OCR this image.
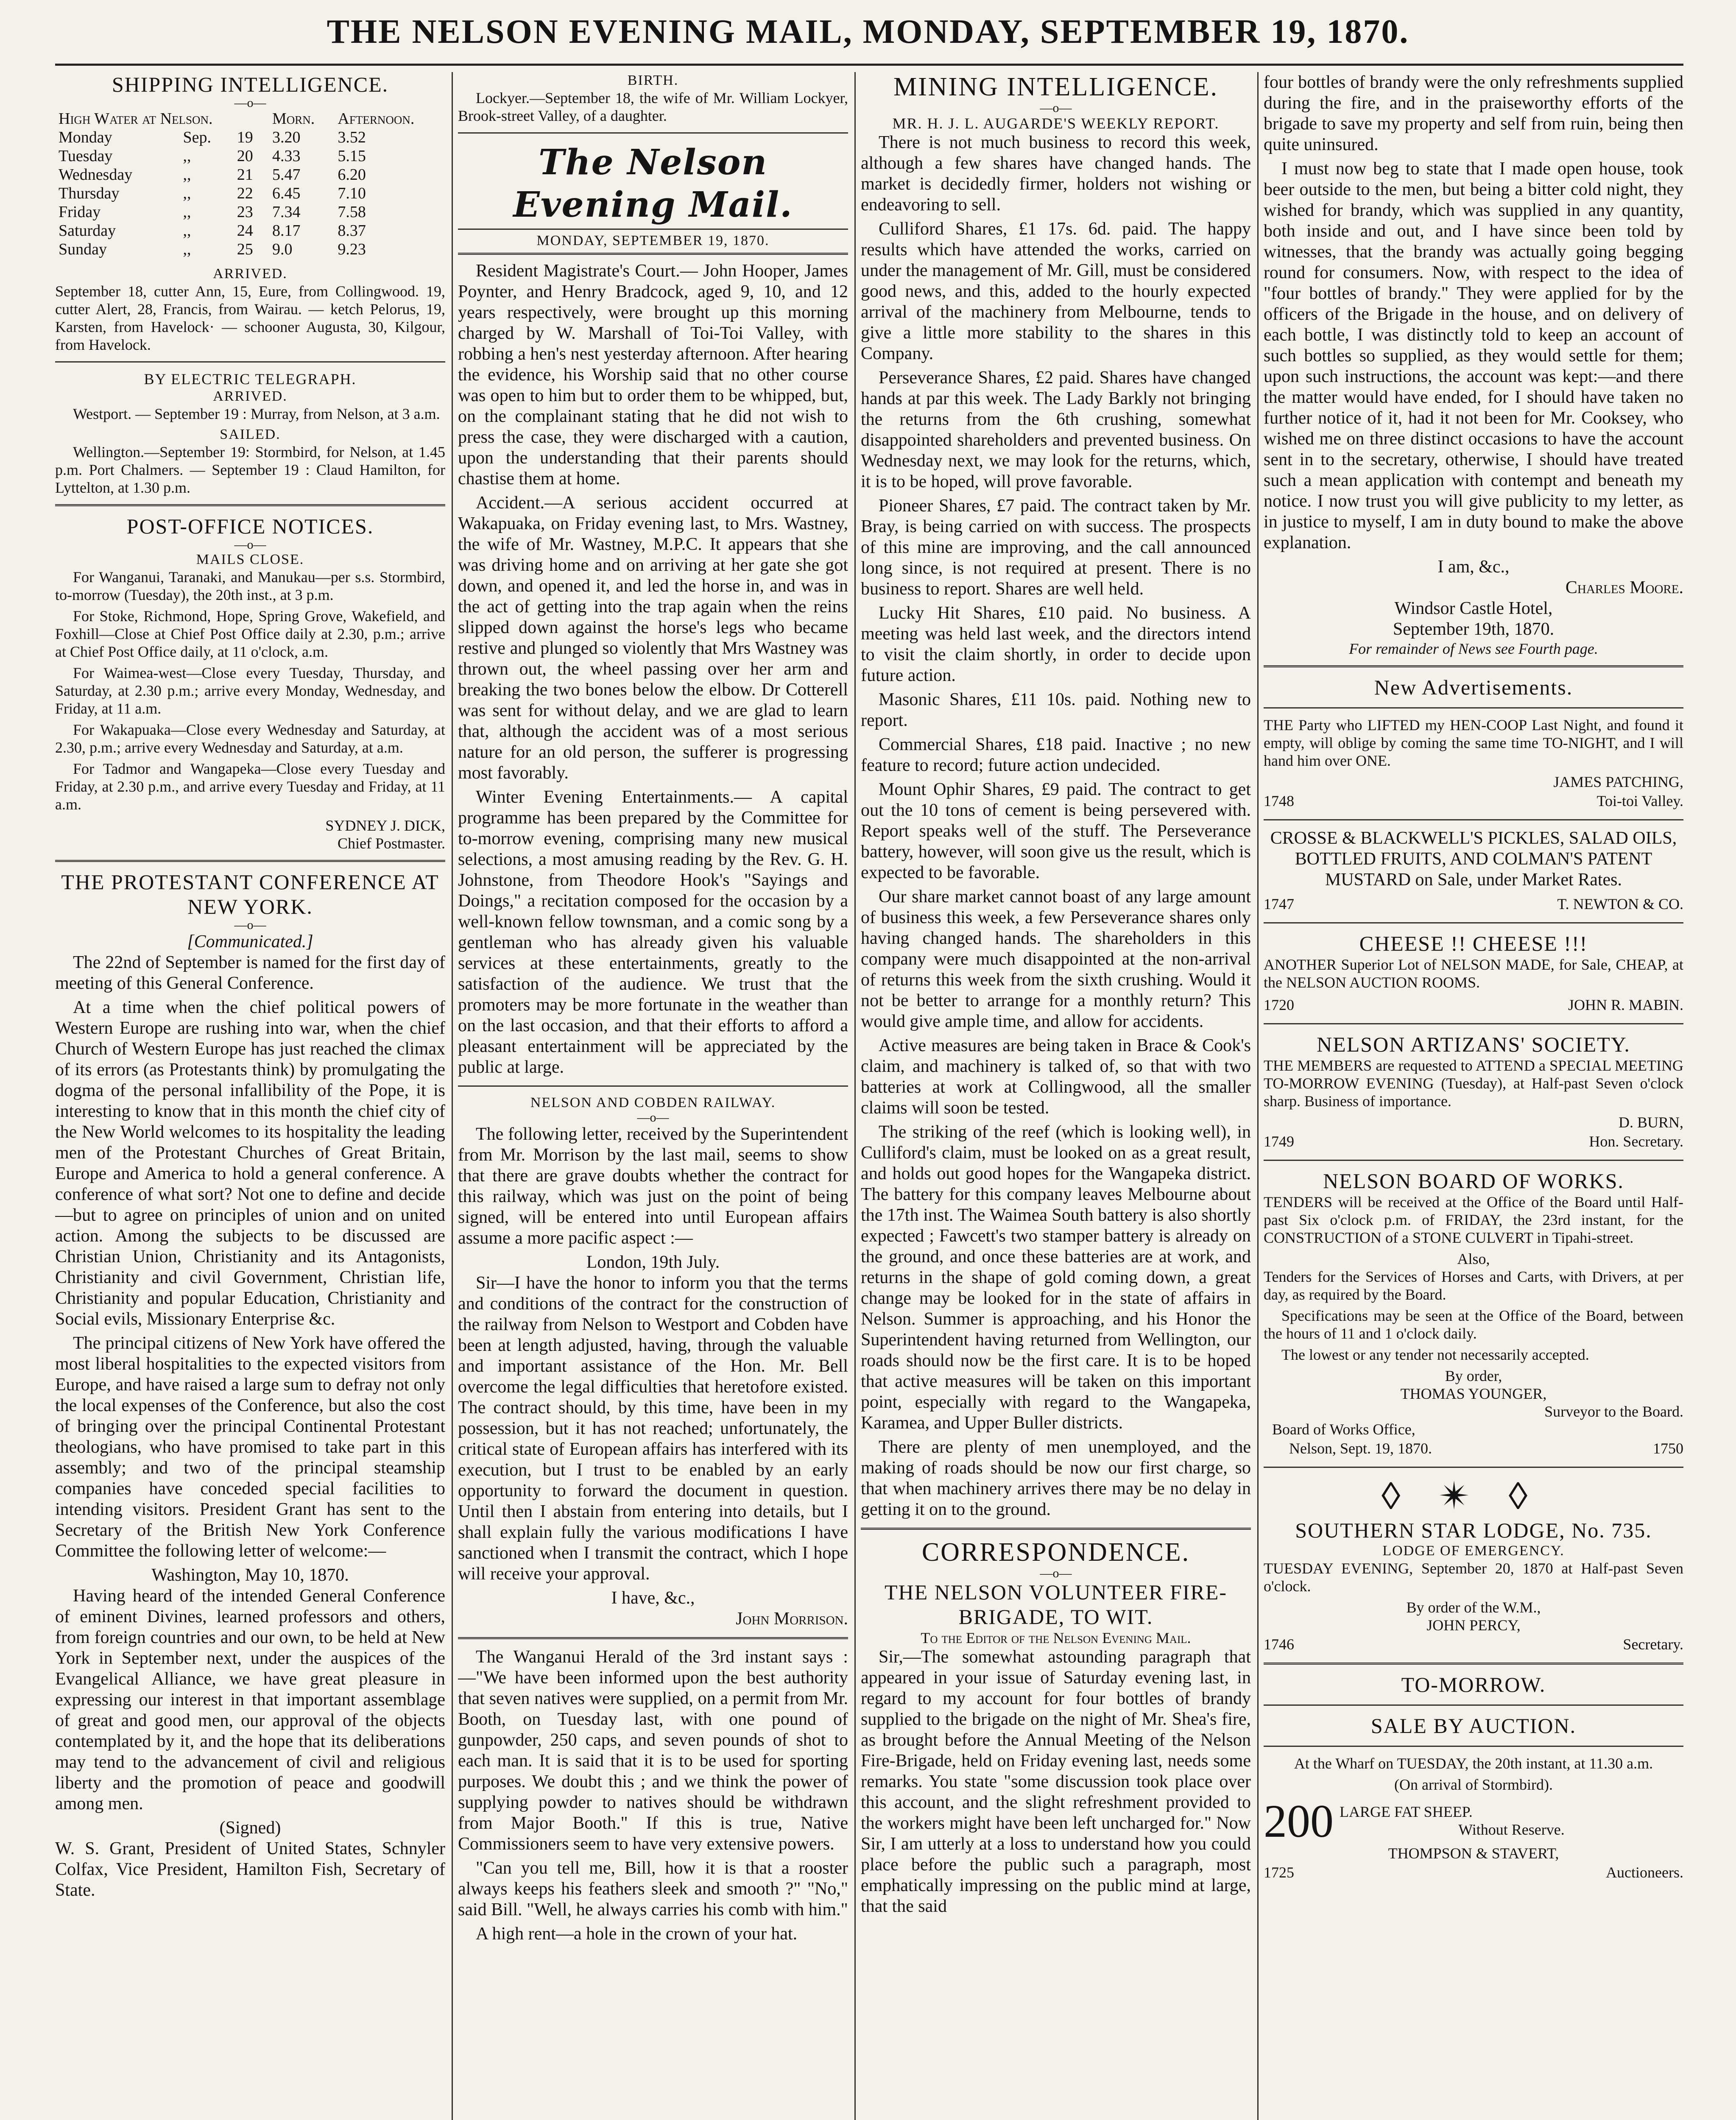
THE NELSON EVENING MAIL, MONDAY, SEPTEMBER 19, 1870.
SHIPPING INTELLIGENCE.
—o—
High Water at Nelson.			Morn.	Afternoon.
Monday	Sep.	19	3.20	3.52
Tuesday	,,	20	4.33	5.15
Wednesday	,,	21	5.47	6.20
Thursday	,,	22	6.45	7.10
Friday	,,	23	7.34	7.58
Saturday	,,	24	8.17	8.37
Sunday	,,	25	9.0	9.23
ARRIVED.

September 18, cutter Ann, 15, Eure, from Collingwood. 19, cutter Alert, 28, Francis, from Wairau. — ketch Pelorus, 19, Karsten, from Havelock· — schooner Augusta, 30, Kilgour, from Havelock.

BY ELECTRIC TELEGRAPH.
ARRIVED.

Westport. — September 19 : Murray, from Nelson, at 3 a.m.

SAILED.

Wellington.—September 19: Stormbird, for Nelson, at 1.45 p.m. Port Chalmers. — September 19 : Claud Hamilton, for Lyttelton, at 1.30 p.m.

POST-OFFICE NOTICES.
—o—
MAILS CLOSE.

For Wanganui, Taranaki, and Manukau—per s.s. Stormbird, to-morrow (Tuesday), the 20th inst., at 3 p.m.

For Stoke, Richmond, Hope, Spring Grove, Wakefield, and Foxhill—Close at Chief Post Office daily at 2.30, p.m.; arrive at Chief Post Office daily, at 11 o'clock, a.m.

For Waimea-west—Close every Tuesday, Thursday, and Saturday, at 2.30 p.m.; arrive every Monday, Wednesday, and Friday, at 11 a.m.

For Wakapuaka—Close every Wednesday and Saturday, at 2.30, p.m.; arrive every Wednesday and Saturday, at a.m.

For Tadmor and Wangapeka—Close every Tuesday and Friday, at 2.30 p.m., and arrive every Tuesday and Friday, at 11 a.m.

SYDNEY J. DICK,
Chief Postmaster.
THE PROTESTANT CONFERENCE AT NEW YORK.
—o—
[Communicated.]

The 22nd of September is named for the first day of meeting of this General Conference.

At a time when the chief political powers of Western Europe are rushing into war, when the chief Church of Western Europe has just reached the climax of its errors (as Protestants think) by promulgating the dogma of the personal infallibility of the Pope, it is interesting to know that in this month the chief city of the New World welcomes to its hospitality the leading men of the Protestant Churches of Great Britain, Europe and America to hold a general conference. A conference of what sort? Not one to define and decide—but to agree on principles of union and on united action. Among the subjects to be discussed are Christian Union, Christianity and its Antagonists, Christianity and civil Government, Christian life, Christianity and popular Education, Christianity and Social evils, Missionary Enterprise &c.

The principal citizens of New York have offered the most liberal hospitalities to the expected visitors from Europe, and have raised a large sum to defray not only the local expenses of the Conference, but also the cost of bringing over the principal Continental Protestant theologians, who have promised to take part in this assembly; and two of the principal steamship companies have conceded special facilities to intending visitors. President Grant has sent to the Secretary of the British New York Conference Committee the following letter of welcome:—

Washington, May 10, 1870.

Having heard of the intended General Conference of eminent Divines, learned professors and others, from foreign countries and our own, to be held at New York in September next, under the auspices of the Evangelical Alliance, we have great pleasure in expressing our interest in that important assemblage of great and good men, our approval of the objects contemplated by it, and the hope that its deliberations may tend to the advancement of civil and religious liberty and the promotion of peace and goodwill among men.

(Signed)

W. S. Grant, President of United States, Schnyler Colfax, Vice President, Hamilton Fish, Secretary of State.

BIRTH.

Lockyer.—September 18, the wife of Mr. William Lockyer, Brook-street Valley, of a daughter.

The Nelson Evening Mail.
MONDAY, SEPTEMBER 19, 1870.

Resident Magistrate's Court.— John Hooper, James Poynter, and Henry Bradcock, aged 9, 10, and 12 years respectively, were brought up this morning charged by W. Marshall of Toi-Toi Valley, with robbing a hen's nest yesterday afternoon. After hearing the evidence, his Worship said that no other course was open to him but to order them to be whipped, but, on the complainant stating that he did not wish to press the case, they were discharged with a caution, upon the understanding that their parents should chastise them at home.

Accident.—A serious accident occurred at Wakapuaka, on Friday evening last, to Mrs. Wastney, the wife of Mr. Wastney, M.P.C. It appears that she was driving home and on arriving at her gate she got down, and opened it, and led the horse in, and was in the act of getting into the trap again when the reins slipped down against the horse's legs who became restive and plunged so violently that Mrs Wastney was thrown out, the wheel passing over her arm and breaking the two bones below the elbow. Dr Cotterell was sent for without delay, and we are glad to learn that, although the accident was of a most serious nature for an old person, the sufferer is progressing most favorably.

Winter Evening Entertainments.— A capital programme has been prepared by the Committee for to-morrow evening, comprising many new musical selections, a most amusing reading by the Rev. G. H. Johnstone, from Theodore Hook's "Sayings and Doings," a recitation composed for the occasion by a well-known fellow townsman, and a comic song by a gentleman who has already given his valuable services at these entertainments, greatly to the satisfaction of the audience. We trust that the promoters may be more fortunate in the weather than on the last occasion, and that their efforts to afford a pleasant entertainment will be appreciated by the public at large.

NELSON AND COBDEN RAILWAY.
—o—

The following letter, received by the Superintendent from Mr. Morrison by the last mail, seems to show that there are grave doubts whether the contract for this railway, which was just on the point of being signed, will be entered into until European affairs assume a more pacific aspect :—

London, 19th July.

Sir—I have the honor to inform you that the terms and conditions of the contract for the construction of the railway from Nelson to Westport and Cobden have been at length adjusted, having, through the valuable and important assistance of the Hon. Mr. Bell overcome the legal difficulties that heretofore existed. The contract should, by this time, have been in my possession, but it has not reached; unfortunately, the critical state of European affairs has interfered with its execution, but I trust to be enabled by an early opportunity to forward the document in question. Until then I abstain from entering into details, but I shall explain fully the various modifications I have sanctioned when I transmit the contract, which I hope will receive your approval.

I have, &c.,
John Morrison.

The Wanganui Herald of the 3rd instant says :—"We have been informed upon the best authority that seven natives were supplied, on a permit from Mr. Booth, on Tuesday last, with one pound of gunpowder, 250 caps, and seven pounds of shot to each man. It is said that it is to be used for sporting purposes. We doubt this ; and we think the power of supplying powder to natives should be withdrawn from Major Booth." If this is true, Native Commissioners seem to have very extensive powers.

"Can you tell me, Bill, how it is that a rooster always keeps his feathers sleek and smooth ?" "No," said Bill. "Well, he always carries his comb with him."

A high rent—a hole in the crown of your hat.

MINING INTELLIGENCE.
—o—
MR. H. J. L. AUGARDE'S WEEKLY REPORT.

There is not much business to record this week, although a few shares have changed hands. The market is decidedly firmer, holders not wishing or endeavoring to sell.

Culliford Shares, £1 17s. 6d. paid. The happy results which have attended the works, carried on under the management of Mr. Gill, must be considered good news, and this, added to the hourly expected arrival of the machinery from Melbourne, tends to give a little more stability to the shares in this Company.

Perseverance Shares, £2 paid. Shares have changed hands at par this week. The Lady Barkly not bringing the returns from the 6th crushing, somewhat disappointed shareholders and prevented business. On Wednesday next, we may look for the returns, which, it is to be hoped, will prove favorable.

Pioneer Shares, £7 paid. The contract taken by Mr. Bray, is being carried on with success. The prospects of this mine are improving, and the call announced long since, is not required at present. There is no business to report. Shares are well held.

Lucky Hit Shares, £10 paid. No business. A meeting was held last week, and the directors intend to visit the claim shortly, in order to decide upon future action.

Masonic Shares, £11 10s. paid. Nothing new to report.

Commercial Shares, £18 paid. Inactive ; no new feature to record; future action undecided.

Mount Ophir Shares, £9 paid. The contract to get out the 10 tons of cement is being persevered with. Report speaks well of the stuff. The Perseverance battery, however, will soon give us the result, which is expected to be favorable.

Our share market cannot boast of any large amount of business this week, a few Perseverance shares only having changed hands. The shareholders in this company were much disappointed at the non-arrival of returns this week from the sixth crushing. Would it not be better to arrange for a monthly return? This would give ample time, and allow for accidents.

Active measures are being taken in Brace & Cook's claim, and machinery is talked of, so that with two batteries at work at Collingwood, all the smaller claims will soon be tested.

The striking of the reef (which is looking well), in Culliford's claim, must be looked on as a great result, and holds out good hopes for the Wangapeka district. The battery for this company leaves Melbourne about the 17th inst. The Waimea South battery is also shortly expected ; Fawcett's two stamper battery is already on the ground, and once these batteries are at work, and returns in the shape of gold coming down, a great change may be looked for in the state of affairs in Nelson. Summer is approaching, and his Honor the Superintendent having returned from Wellington, our roads should now be the first care. It is to be hoped that active measures will be taken on this important point, especially with regard to the Wangapeka, Karamea, and Upper Buller districts.

There are plenty of men unemployed, and the making of roads should be now our first charge, so that when machinery arrives there may be no delay in getting it on to the ground.

CORRESPONDENCE.
—o—
THE NELSON VOLUNTEER FIRE-BRIGADE, TO WIT.
To the Editor of the Nelson Evening Mail.

Sir,—The somewhat astounding paragraph that appeared in your issue of Saturday evening last, in regard to my account for four bottles of brandy supplied to the brigade on the night of Mr. Shea's fire, as brought before the Annual Meeting of the Nelson Fire-Brigade, held on Friday evening last, needs some remarks. You state "some discussion took place over this account, and the slight refreshment provided to the workers might have been left uncharged for." Now Sir, I am utterly at a loss to understand how you could place before the public such a paragraph, most emphatically impressing on the public mind at large, that the said

four bottles of brandy were the only refreshments supplied during the fire, and in the praiseworthy efforts of the brigade to save my property and self from ruin, being then quite uninsured.

I must now beg to state that I made open house, took beer outside to the men, but being a bitter cold night, they wished for brandy, which was supplied in any quantity, both inside and out, and I have since been told by witnesses, that the brandy was actually going begging round for consumers. Now, with respect to the idea of "four bottles of brandy." They were applied for by the officers of the Brigade in the house, and on delivery of each bottle, I was distinctly told to keep an account of such bottles so supplied, as they would settle for them; upon such instructions, the account was kept:—and there the matter would have ended, for I should have taken no further notice of it, had it not been for Mr. Cooksey, who wished me on three distinct occasions to have the account sent in to the secretary, otherwise, I should have treated such a mean application with contempt and beneath my notice. I now trust you will give publicity to my letter, as in justice to myself, I am in duty bound to make the above explanation.

I am, &c.,
Charles Moore.
Windsor Castle Hotel,
September 19th, 1870.
For remainder of News see Fourth page.
New Advertisements.

THE Party who LIFTED my HEN-COOP Last Night, and found it empty, will oblige by coming the same time TO-NIGHT, and I will hand him over ONE.

JAMES PATCHING,
1748	Toi-toi Valley.

CROSSE & BLACKWELL'S PICKLES, SALAD OILS, BOTTLED FRUITS, AND COLMAN'S PATENT MUSTARD on Sale, under Market Rates.

1747	T. NEWTON & CO.
CHEESE !! CHEESE !!!

ANOTHER Superior Lot of NELSON MADE, for Sale, CHEAP, at the NELSON AUCTION ROOMS.

1720	JOHN R. MABIN.
NELSON ARTIZANS' SOCIETY.

THE MEMBERS are requested to ATTEND a SPECIAL MEETING TO-MORROW EVENING (Tuesday), at Half-past Seven o'clock sharp. Business of importance.

D. BURN,
1749	Hon. Secretary.
NELSON BOARD OF WORKS.

TENDERS will be received at the Office of the Board until Half-past Six o'clock p.m. of FRIDAY, the 23rd instant, for the CONSTRUCTION of a STONE CULVERT in Tipahi-street.

Also,

Tenders for the Services of Horses and Carts, with Drivers, at per day, as required by the Board.

Specifications may be seen at the Office of the Board, between the hours of 11 and 1 o'clock daily.

The lowest or any tender not necessarily accepted.

By order,
THOMAS YOUNGER,
Surveyor to the Board.
Board of Works Office,
Nelson, Sept. 19, 1870.	1750
◊✴◊
SOUTHERN STAR LODGE, No. 735.
LODGE OF EMERGENCY.

TUESDAY EVENING, September 20, 1870 at Half-past Seven o'clock.

By order of the W.M.,
JOHN PERCY,
1746	Secretary.
TO-MORROW.
SALE BY AUCTION.

At the Wharf on TUESDAY, the 20th instant, at 11.30 a.m.

(On arrival of Stormbird).
200 LARGE FAT SHEEP.
Without Reserve.
THOMPSON & STAVERT,
1725	Auctioneers.
